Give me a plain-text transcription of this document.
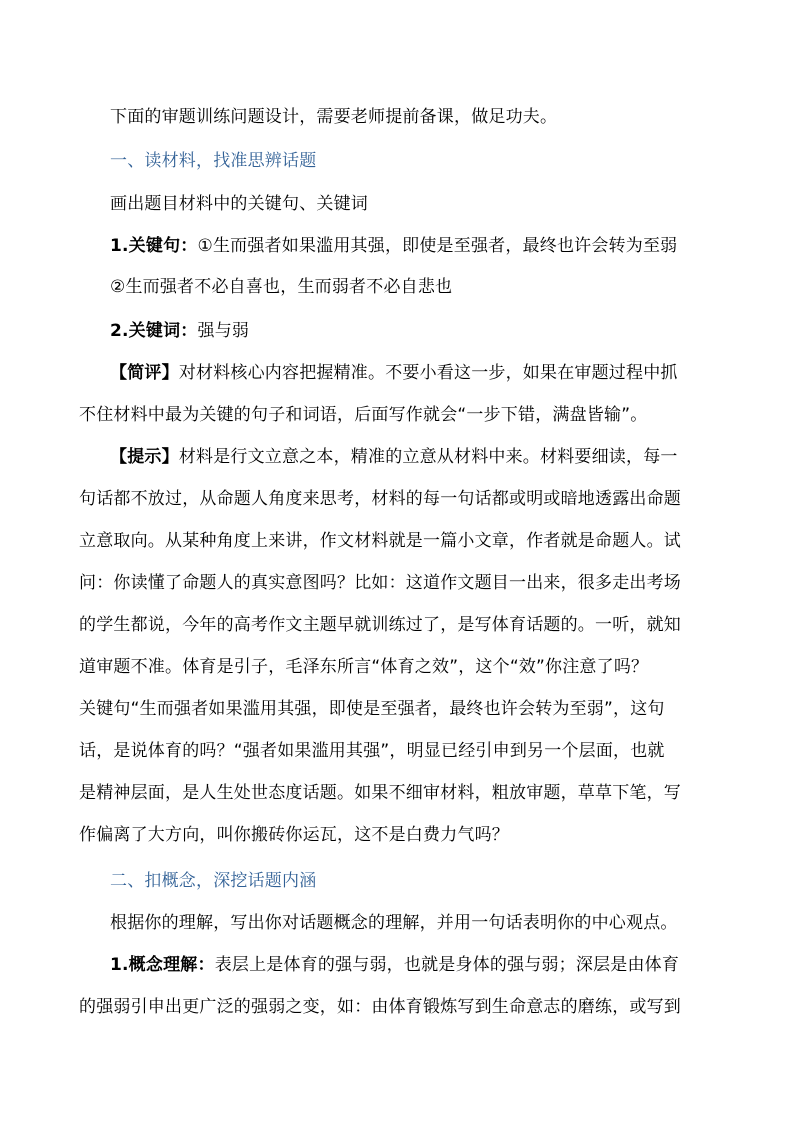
下面的审题训练问题设计，需要老师提前备课，做足功夫。
一、读材料，找准思辨话题
画出题目材料中的关键句、关键词
1.关键句：①生而强者如果滥用其强，即使是至强者，最终也许会转为至弱
②生而强者不必自喜也，生而弱者不必自悲也
2.关键词：强与弱
【简评】对材料核心内容把握精准。不要小看这一步，如果在审题过程中抓
不住材料中最为关键的句子和词语，后面写作就会“一步下错，满盘皆输”。
【提示】材料是行文立意之本，精准的立意从材料中来。材料要细读，每一
句话都不放过，从命题人角度来思考，材料的每一句话都或明或暗地透露出命题
立意取向。从某种角度上来讲，作文材料就是一篇小文章，作者就是命题人。试
问：你读懂了命题人的真实意图吗？比如：这道作文题目一出来，很多走出考场
的学生都说，今年的高考作文主题早就训练过了，是写体育话题的。一听，就知
道审题不准。体育是引子，毛泽东所言“体育之效”，这个“效”你注意了吗？
关键句“生而强者如果滥用其强，即使是至强者，最终也许会转为至弱”，这句
话，是说体育的吗？“强者如果滥用其强”，明显已经引申到另一个层面，也就
是精神层面，是人生处世态度话题。如果不细审材料，粗放审题，草草下笔，写
作偏离了大方向，叫你搬砖你运瓦，这不是白费力气吗？
二、扣概念，深挖话题内涵
根据你的理解，写出你对话题概念的理解，并用一句话表明你的中心观点。
1.概念理解：表层上是体育的强与弱，也就是身体的强与弱；深层是由体育
的强弱引申出更广泛的强弱之变，如：由体育锻炼写到生命意志的磨练，或写到
